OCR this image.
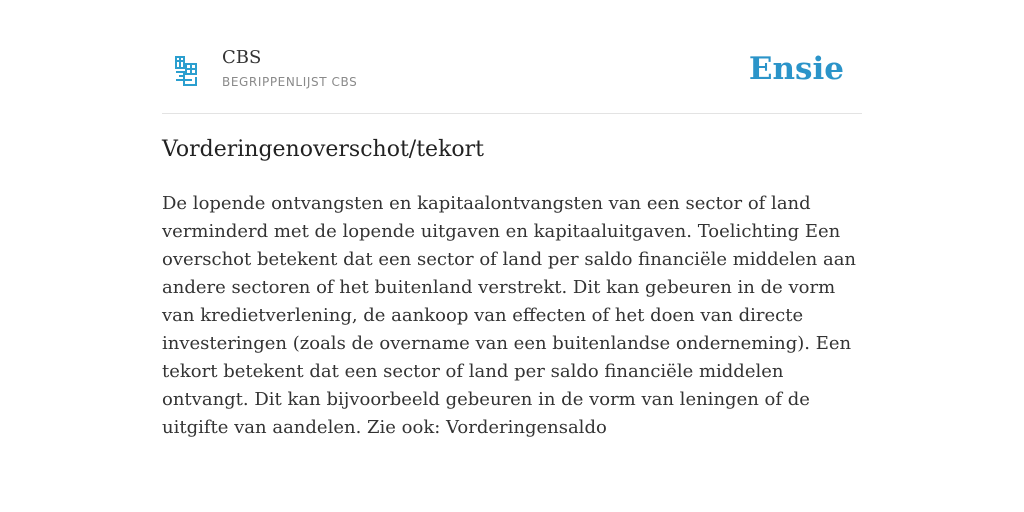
CBS
BEGRIPPENLIJST CBS	Ensie
Vorderingenoverschot/tekort

De lopende ontvangsten en kapitaalontvangsten van een sector of land verminderd met de lopende uitgaven en kapitaaluitgaven. Toelichting Een overschot betekent dat een sector of land per saldo financiële middelen aan andere sectoren of het buitenland verstrekt. Dit kan gebeuren in de vorm van kredietverlening, de aankoop van effecten of het doen van directe investeringen (zoals de overname van een buitenlandse onderneming). Een tekort betekent dat een sector of land per saldo financiële middelen ontvangt. Dit kan bijvoorbeeld gebeuren in de vorm van leningen of de uitgifte van aandelen. Zie ook: Vorderingensaldo
